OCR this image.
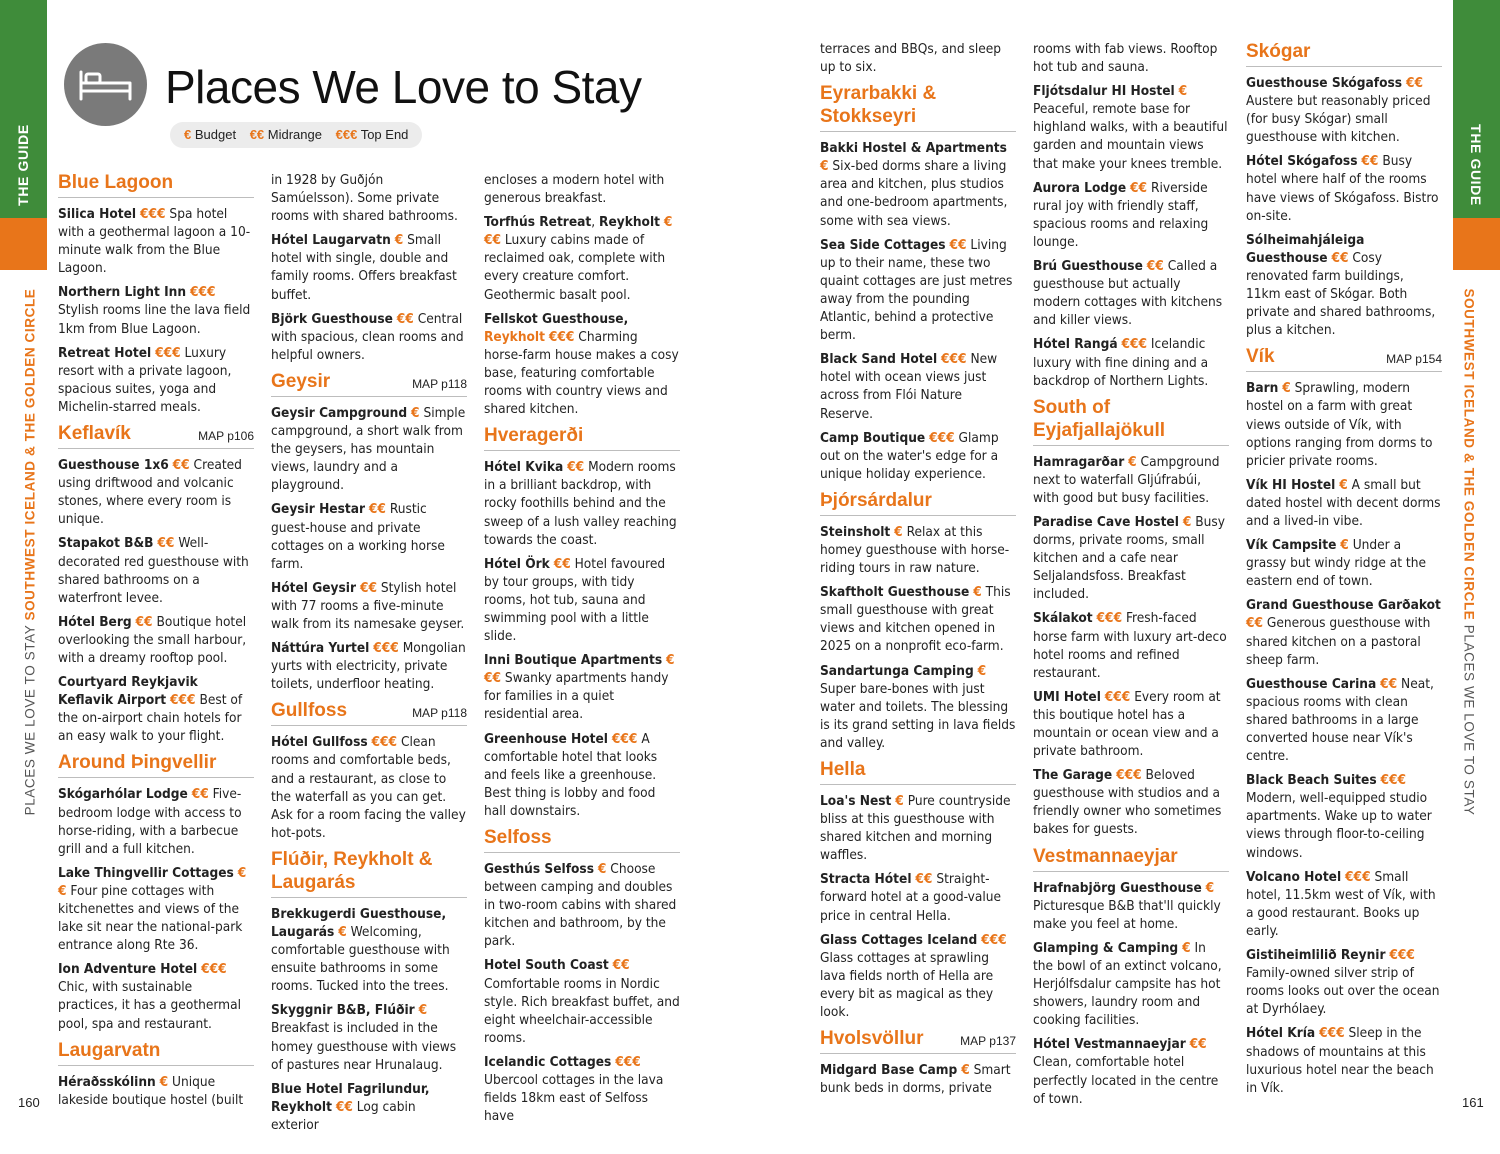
THE GUIDE	THE GUIDE
PLACES WE LOVE TO STAY SOUTHWEST ICELAND & THE GOLDEN CIRCLE	SOUTHWEST ICELAND & THE GOLDEN CIRCLE PLACES WE LOVE TO STAY
160	161
Places We Love to Stay
€ Budget €€ Midrange €€€ Top End
Blue Lagoon
Silica Hotel €€€ Spa hotel with a geothermal lagoon a 10-minute walk from the Blue Lagoon.
Northern Light Inn €€€ Stylish rooms line the lava field 1km from Blue Lagoon.
Retreat Hotel €€€ Luxury resort with a private lagoon, spacious suites, yoga and Michelin-starred meals.
Keflavík	MAP p106
Guesthouse 1x6 €€ Created using driftwood and volcanic stones, where every room is unique.
Stapakot B&B €€ Well-decorated red guesthouse with shared bathrooms on a waterfront levee.
Hótel Berg €€ Boutique hotel overlooking the small harbour, with a dreamy rooftop pool.
Courtyard Reykjavik Keflavik Airport €€€ Best of the on-airport chain hotels for an easy walk to your flight.
Around Þingvellir
Skógarhólar Lodge €€ Five-bedroom lodge with access to horse-riding, with a barbecue grill and a full kitchen.
Lake Thingvellir Cottages €€ Four pine cottages with kitchenettes and views of the lake sit near the national-park entrance along Rte 36.
Ion Adventure Hotel €€€ Chic, with sustainable practices, it has a geothermal pool, spa and restaurant.
Laugarvatn
Héraðsskólinn € Unique lakeside boutique hostel (built
in 1928 by Guðjón Samúelsson). Some private rooms with shared bathrooms.
Hótel Laugarvatn € Small hotel with single, double and family rooms. Offers breakfast buffet.
Björk Guesthouse €€ Central with spacious, clean rooms and helpful owners.
Geysir	MAP p118
Geysir Campground € Simple campground, a short walk from the geysers, has mountain views, laundry and a playground.
Geysir Hestar €€ Rustic guest-house and private cottages on a working horse farm.
Hótel Geysir €€ Stylish hotel with 77 rooms a five-minute walk from its namesake geyser.
Náttúra Yurtel €€€ Mongolian yurts with electricity, private toilets, underfloor heating.
Gullfoss	MAP p118
Hótel Gullfoss €€€ Clean rooms and comfortable beds, and a restaurant, as close to the waterfall as you can get. Ask for a room facing the valley hot-pots.
Flúðir, Reykholt & Laugarás
Brekkugerdi Guesthouse, Laugarás € Welcoming, comfortable guesthouse with ensuite bathrooms in some rooms. Tucked into the trees.
Skyggnir B&B, Flúðir € Breakfast is included in the homey guesthouse with views of pastures near Hrunalaug.
Blue Hotel Fagrilundur, Reykholt €€ Log cabin exterior
encloses a modern hotel with generous breakfast.
Torfhús Retreat, Reykholt €€€ Luxury cabins made of reclaimed oak, complete with every creature comfort. Geothermic basalt pool.
Fellskot Guesthouse, Reykholt €€€ Charming horse-farm house makes a cosy base, featuring comfortable rooms with country views and shared kitchen.
Hveragerði
Hótel Kvika €€ Modern rooms in a brilliant backdrop, with rocky foothills behind and the sweep of a lush valley reaching towards the coast.
Hótel Örk €€ Hotel favoured by tour groups, with tidy rooms, hot tub, sauna and swimming pool with a little slide.
Inni Boutique Apartments €€€ Swanky apartments handy for families in a quiet residential area.
Greenhouse Hotel €€€ A comfortable hotel that looks and feels like a greenhouse. Best thing is lobby and food hall downstairs.
Selfoss
Gesthús Selfoss € Choose between camping and doubles in two-room cabins with shared kitchen and bathroom, by the park.
Hotel South Coast €€ Comfortable rooms in Nordic style. Rich breakfast buffet, and eight wheelchair-accessible rooms.
Icelandic Cottages €€€ Ubercool cottages in the lava fields 18km east of Selfoss have
terraces and BBQs, and sleep up to six.
Eyrarbakki & Stokkseyri
Bakki Hostel & Apartments € Six-bed dorms share a living area and kitchen, plus studios and one-bedroom apartments, some with sea views.
Sea Side Cottages €€ Living up to their name, these two quaint cottages are just metres away from the pounding Atlantic, behind a protective berm.
Black Sand Hotel €€€ New hotel with ocean views just across from Flói Nature Reserve.
Camp Boutique €€€ Glamp out on the water's edge for a unique holiday experience.
Þjórsárdalur
Steinsholt € Relax at this homey guesthouse with horse-riding tours in raw nature.
Skaftholt Guesthouse € This small guesthouse with great views and kitchen opened in 2025 on a nonprofit eco-farm.
Sandartunga Camping € Super bare-bones with just water and toilets. The blessing is its grand setting in lava fields and valley.
Hella
Loa's Nest € Pure countryside bliss at this guesthouse with shared kitchen and morning waffles.
Stracta Hótel €€ Straight-forward hotel at a good-value price in central Hella.
Glass Cottages Iceland €€€ Glass cottages at sprawling lava fields north of Hella are every bit as magical as they look.
Hvolsvöllur	MAP p137
Midgard Base Camp € Smart bunk beds in dorms, private
rooms with fab views. Rooftop hot tub and sauna.
Fljótsdalur HI Hostel € Peaceful, remote base for highland walks, with a beautiful garden and mountain views that make your knees tremble.
Aurora Lodge €€ Riverside rural joy with friendly staff, spacious rooms and relaxing lounge.
Brú Guesthouse €€ Called a guesthouse but actually modern cottages with kitchens and killer views.
Hótel Rangá €€€ Icelandic luxury with fine dining and a backdrop of Northern Lights.
South of Eyjafjallajökull
Hamragarðar € Campground next to waterfall Gljúfrabúi, with good but busy facilities.
Paradise Cave Hostel € Busy dorms, private rooms, small kitchen and a cafe near Seljalandsfoss. Breakfast included.
Skálakot €€€ Fresh-faced horse farm with luxury art-deco hotel rooms and refined restaurant.
UMI Hotel €€€ Every room at this boutique hotel has a mountain or ocean view and a private bathroom.
The Garage €€€ Beloved guesthouse with studios and a friendly owner who sometimes bakes for guests.
Vestmannaeyjar
Hrafnabjörg Guesthouse € Picturesque B&B that'll quickly make you feel at home.
Glamping & Camping € In the bowl of an extinct volcano, Herjólfsdalur campsite has hot showers, laundry room and cooking facilities.
Hótel Vestmannaeyjar €€ Clean, comfortable hotel perfectly located in the centre of town.
Skógar
Guesthouse Skógafoss €€ Austere but reasonably priced (for busy Skógar) small guesthouse with kitchen.
Hótel Skógafoss €€ Busy hotel where half of the rooms have views of Skógafoss. Bistro on-site.
Sólheimahjáleiga Guesthouse €€ Cosy renovated farm buildings, 11km east of Skógar. Both private and shared bathrooms, plus a kitchen.
Vík	MAP p154
Barn € Sprawling, modern hostel on a farm with great views outside of Vík, with options ranging from dorms to pricier private rooms.
Vík HI Hostel € A small but dated hostel with decent dorms and a lived-in vibe.
Vík Campsite € Under a grassy but windy ridge at the eastern end of town.
Grand Guesthouse Garðakot €€ Generous guesthouse with shared kitchen on a pastoral sheep farm.
Guesthouse Carina €€ Neat, spacious rooms with clean shared bathrooms in a large converted house near Vík's centre.
Black Beach Suites €€€ Modern, well-equipped studio apartments. Wake up to water views through floor-to-ceiling windows.
Volcano Hotel €€€ Small hotel, 11.5km west of Vík, with a good restaurant. Books up early.
Gistiheimlilið Reynir €€€ Family-owned silver strip of rooms looks out over the ocean at Dyrhólaey.
Hótel Kría €€€ Sleep in the shadows of mountains at this luxurious hotel near the beach in Vík.
